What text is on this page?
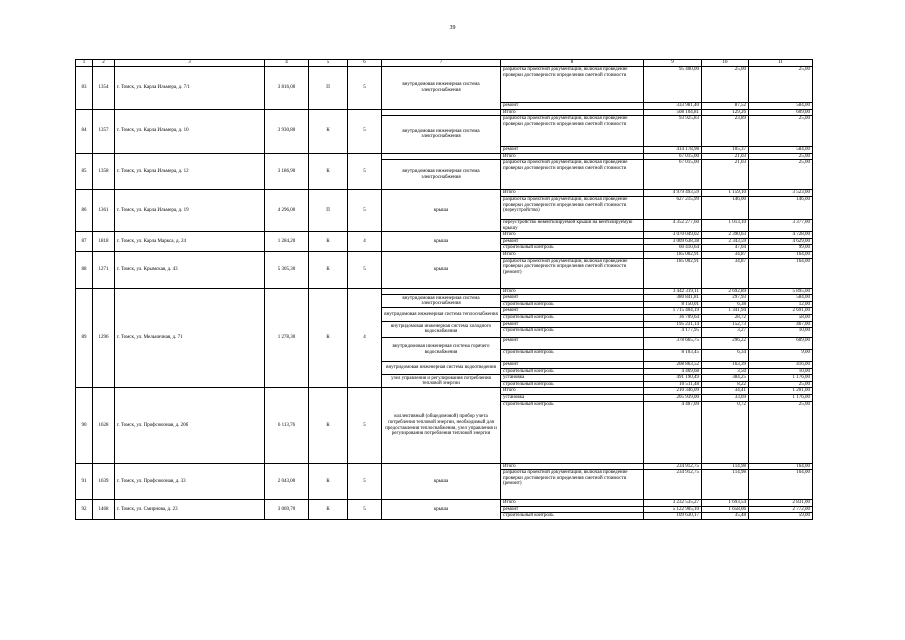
39
1	2	3	4	5	6	7	8	9	10	11
83	1354	г. Томск, ул. Карла Ильмера, д. 7/1	3 816,00	П	5	внутридомовая инженерная система электроснабжения	разработка проектной документации, включая проведение проверки достоверности определения сметной стоимости	95 400,00	25,00	25,00
							ремонт	333 981,40	87,52	584,00
84	1357	г. Томск, ул. Карла Ильмера, д. 10	3 930,80	К	5		Итого	508 104,81	129,26	609,00
						внутридомовая инженерная система электроснабжения	разработка проектной документации, включая проведение проверки достоверности определения сметной стоимости	93 925,83	23,89	25,00
							ремонт	414 178,98	105,37	584,00
85	1358	г. Томск, ул. Карла Ильмера, д. 12	3 186,90	К	5		Итого	67 015,00	21,03	25,00
						внутридомовая инженерная система электроснабжения	разработка проектной документации, включая проведение проверки достоверности определения сметной стоимости	67 015,00	21,03	25,00
86	1361	г. Томск, ул. Карла Ильмера, д. 19	4 296,00	П	5	крыша	Итого	4 979 493,59	1 159,10	3 523,00
							разработка проектной документации, включая проведение проверки достоверности определения сметной стоимости (переустройство)	627 215,99	146,00	146,00
							переустройство невентилируемой крыши на вентилируемую крышу	4 352 277,60	1 013,10	3 377,00
87	1818	г. Томск, ул. Карла Маркса, д. 24	1 284,20	К	4	крыша	Итого	3 070 049,02	2 390,63	4 728,00
							ремонт	3 009 638,38	2 343,59	4 629,00
							строительный контроль	60 410,64	47,04	99,00
88	1271	г. Томск, ул. Крымская, д. 43	5 305,30	К	5	крыша	Итого	185 002,91	34,87	164,00
							разработка проектной документации, включая проведение проверки достоверности определения сметной стоимости (ремонт)	185 002,91	34,87	164,00
89	1296	г. Томск, ул. Мельничная, д. 71	1 278,30	К	4		Итого	3 442 319,11	2 692,89	5 895,00
						внутридомовая инженерная система электроснабжения	ремонт	380 841,81	297,93	584,00
							строительный контроль	8 150,01	6,38	12,00
						внутридомовая инженерная система теплоснабжения	ремонт	1 715 404,19	1 341,94	2 691,00
							строительный контроль	36 709,64	28,72	58,00
						внутридомовая инженерная система холодного водоснабжения	ремонт	195 231,14	152,73	467,00
							строительный контроль	4 177,95	3,27	10,00
						внутридомовая инженерная система горячего водоснабжения	ремонт	378 665,75	296,22	609,00
							строительный контроль	8 103,45	6,34	9,00
						внутридомовая инженерная система водоотведения	ремонт	208 863,52	163,39	416,00
							строительный контроль	4 469,68	3,50	10,00
						узел управления и регулирования потребления тепловой энергии	установка	491 190,49	384,25	1 176,00
							строительный контроль	10 511,48	8,22	25,00
90	1628	г. Томск, ул. Профсоюзная, д. 20б	6 113,76	К	5	коллективный (общедомовой) прибор учета потребления тепловой энергии, необходимый для предоставления теплоснабжения, узел управления и регулирования потребления тепловой энергии	Итого	210 346,09	34,41	1 201,00
							установка	205 939,00	33,69	1 176,00
							строительный контроль	4 407,09	0,72	25,00
91	1639	г. Томск, ул. Профсоюзная, д. 33	2 043,00	К	5	крыша	Итого	234 912,75	114,98	164,00
							разработка проектной документации, включая проведение проверки достоверности определения сметной стоимости (ремонт)	234 912,75	114,98	164,00
92	1468	г. Томск, ул. Смирнова, д. 23	3 069,70	К	5	крыша	Итого	3 232 535,27	1 693,54	2 831,00
							ремонт	5 122 905,10	1 658,06	2 772,00
							строительный контроль	109 630,17	35,48	59,00
